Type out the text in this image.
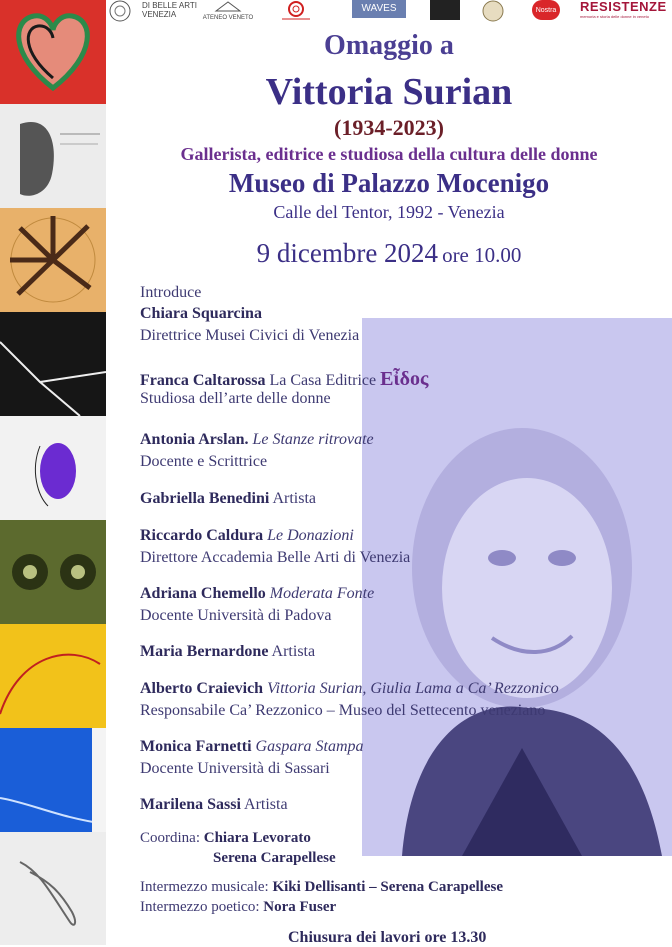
DI BELLE ARTI
VENEZIA	ATENEO VENETO
WAVES	Nostra RESISTENZE
memoria e storia delle donne in veneto
Omaggio a
Vittoria Surian
(1934-2023)
Gallerista, editrice e studiosa della cultura delle donne
Museo di Palazzo Mocenigo
Calle del Tentor, 1992 - Venezia
9 dicembre 2024 ore 10.00
Introduce
Chiara Squarcina
Direttrice Musei Civici di Venezia
Franca Caltarossa La Casa Editrice Εἶδος
Studiosa dell’arte delle donne
Antonia Arslan. Le Stanze ritrovate
Docente e Scrittrice
Gabriella Benedini Artista
Riccardo Caldura Le Donazioni
Direttore Accademia Belle Arti di Venezia
Adriana Chemello Moderata Fonte
Docente Università di Padova
Maria Bernardone Artista
Alberto Craievich Vittoria Surian, Giulia Lama a Ca’ Rezzonico
Responsabile Ca’ Rezzonico – Museo del Settecento veneziano
Monica Farnetti Gaspara Stampa
Docente Università di Sassari
Marilena Sassi Artista
Coordina: Chiara Levorato
Serena Carapellese
Intermezzo musicale: Kiki Dellisanti – Serena Carapellese
Intermezzo poetico: Nora Fuser
Chiusura dei lavori ore 13.30
